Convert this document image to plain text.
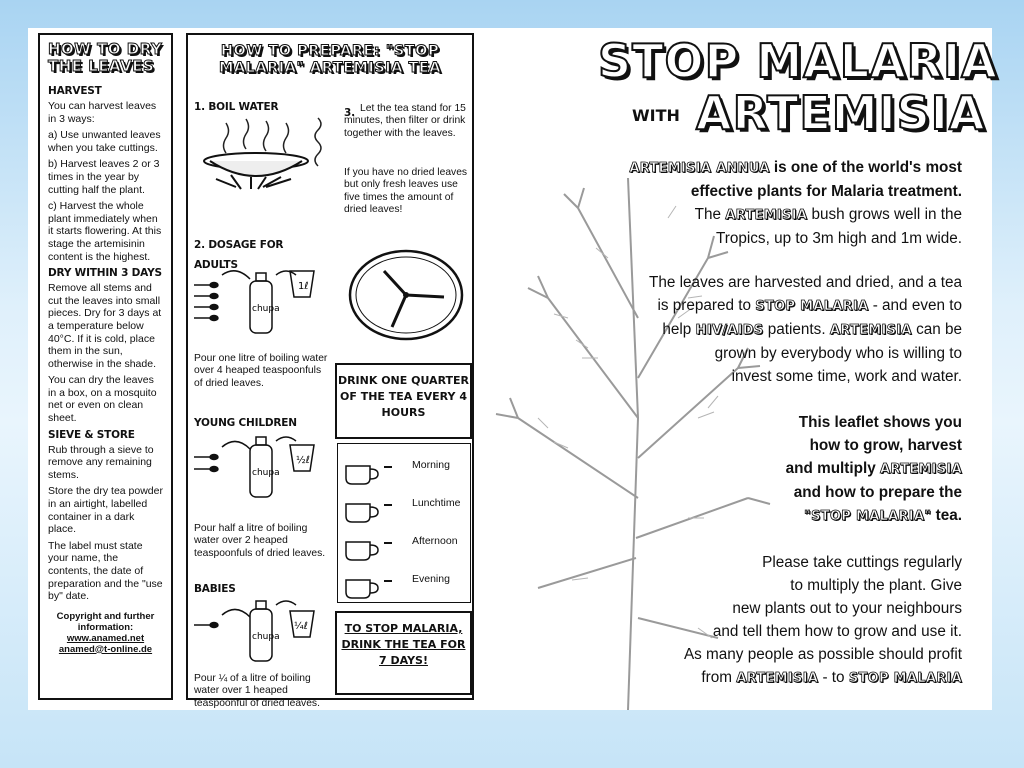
HOW TO DRY THE LEAVES
HARVEST
You can harvest leaves in 3 ways:
a) Use unwanted leaves when you take cuttings.
b) Harvest leaves 2 or 3 times in the year by cutting half the plant.
c) Harvest the whole plant immediately when it starts flowering. At this stage the artemisinin content is the highest.
DRY WITHIN 3 DAYS
Remove all stems and cut the leaves into small pieces. Dry for 3 days at a temperature below 40°C. If it is cold, place them in the sun, otherwise in the shade.
You can dry the leaves in a box, on a mosquito net or even on clean sheet.
SIEVE & STORE
Rub through a sieve to remove any remaining stems.
Store the dry tea powder in an airtight, labelled container in a dark place.
The label must state your name, the contents, the date of preparation and the "use by" date.
Copyright and further information:
www.anamed.net
anamed@t-online.de
HOW TO PREPARE: "STOP MALARIA" ARTEMISIA TEA
1. BOIL WATER
2. DOSAGE FOR
ADULTS
chupa
1ℓ
Pour one litre of boiling water over 4 heaped teaspoonfuls of dried leaves.
YOUNG CHILDREN
chupa
½ℓ
Pour half a litre of boiling water over 2 heaped teaspoonfuls of dried leaves.
BABIES
chupa
¼ℓ
Pour ¼ of a litre of boiling water over 1 heaped teaspoonful of dried leaves.
3. Let the tea stand for 15 minutes, then filter or drink together with the leaves.
If you have no dried leaves but only fresh leaves use five times the amount of dried leaves!
DRINK ONE QUARTER OF THE TEA EVERY 4 HOURS
Morning
Lunchtime
Afternoon
Evening
TO STOP MALARIA, DRINK THE TEA FOR 7 DAYS!
STOP MALARIA
WITH ARTEMISIA
ARTEMISIA ANNUA is one of the world's most
effective plants for Malaria treatment.
The ARTEMISIA bush grows well in the
Tropics, up to 3m high and 1m wide.
The leaves are harvested and dried, and a tea
is prepared to STOP MALARIA - and even to
help HIV/AIDS patients. ARTEMISIA can be
grown by everybody who is willing to
invest some time, work and water.
This leaflet shows you
how to grow, harvest
and multiply ARTEMISIA
and how to prepare the
"STOP MALARIA" tea.
Please take cuttings regularly
to multiply the plant. Give
new plants out to your neighbours
and tell them how to grow and use it.
As many people as possible should profit
from ARTEMISIA - to STOP MALARIA
